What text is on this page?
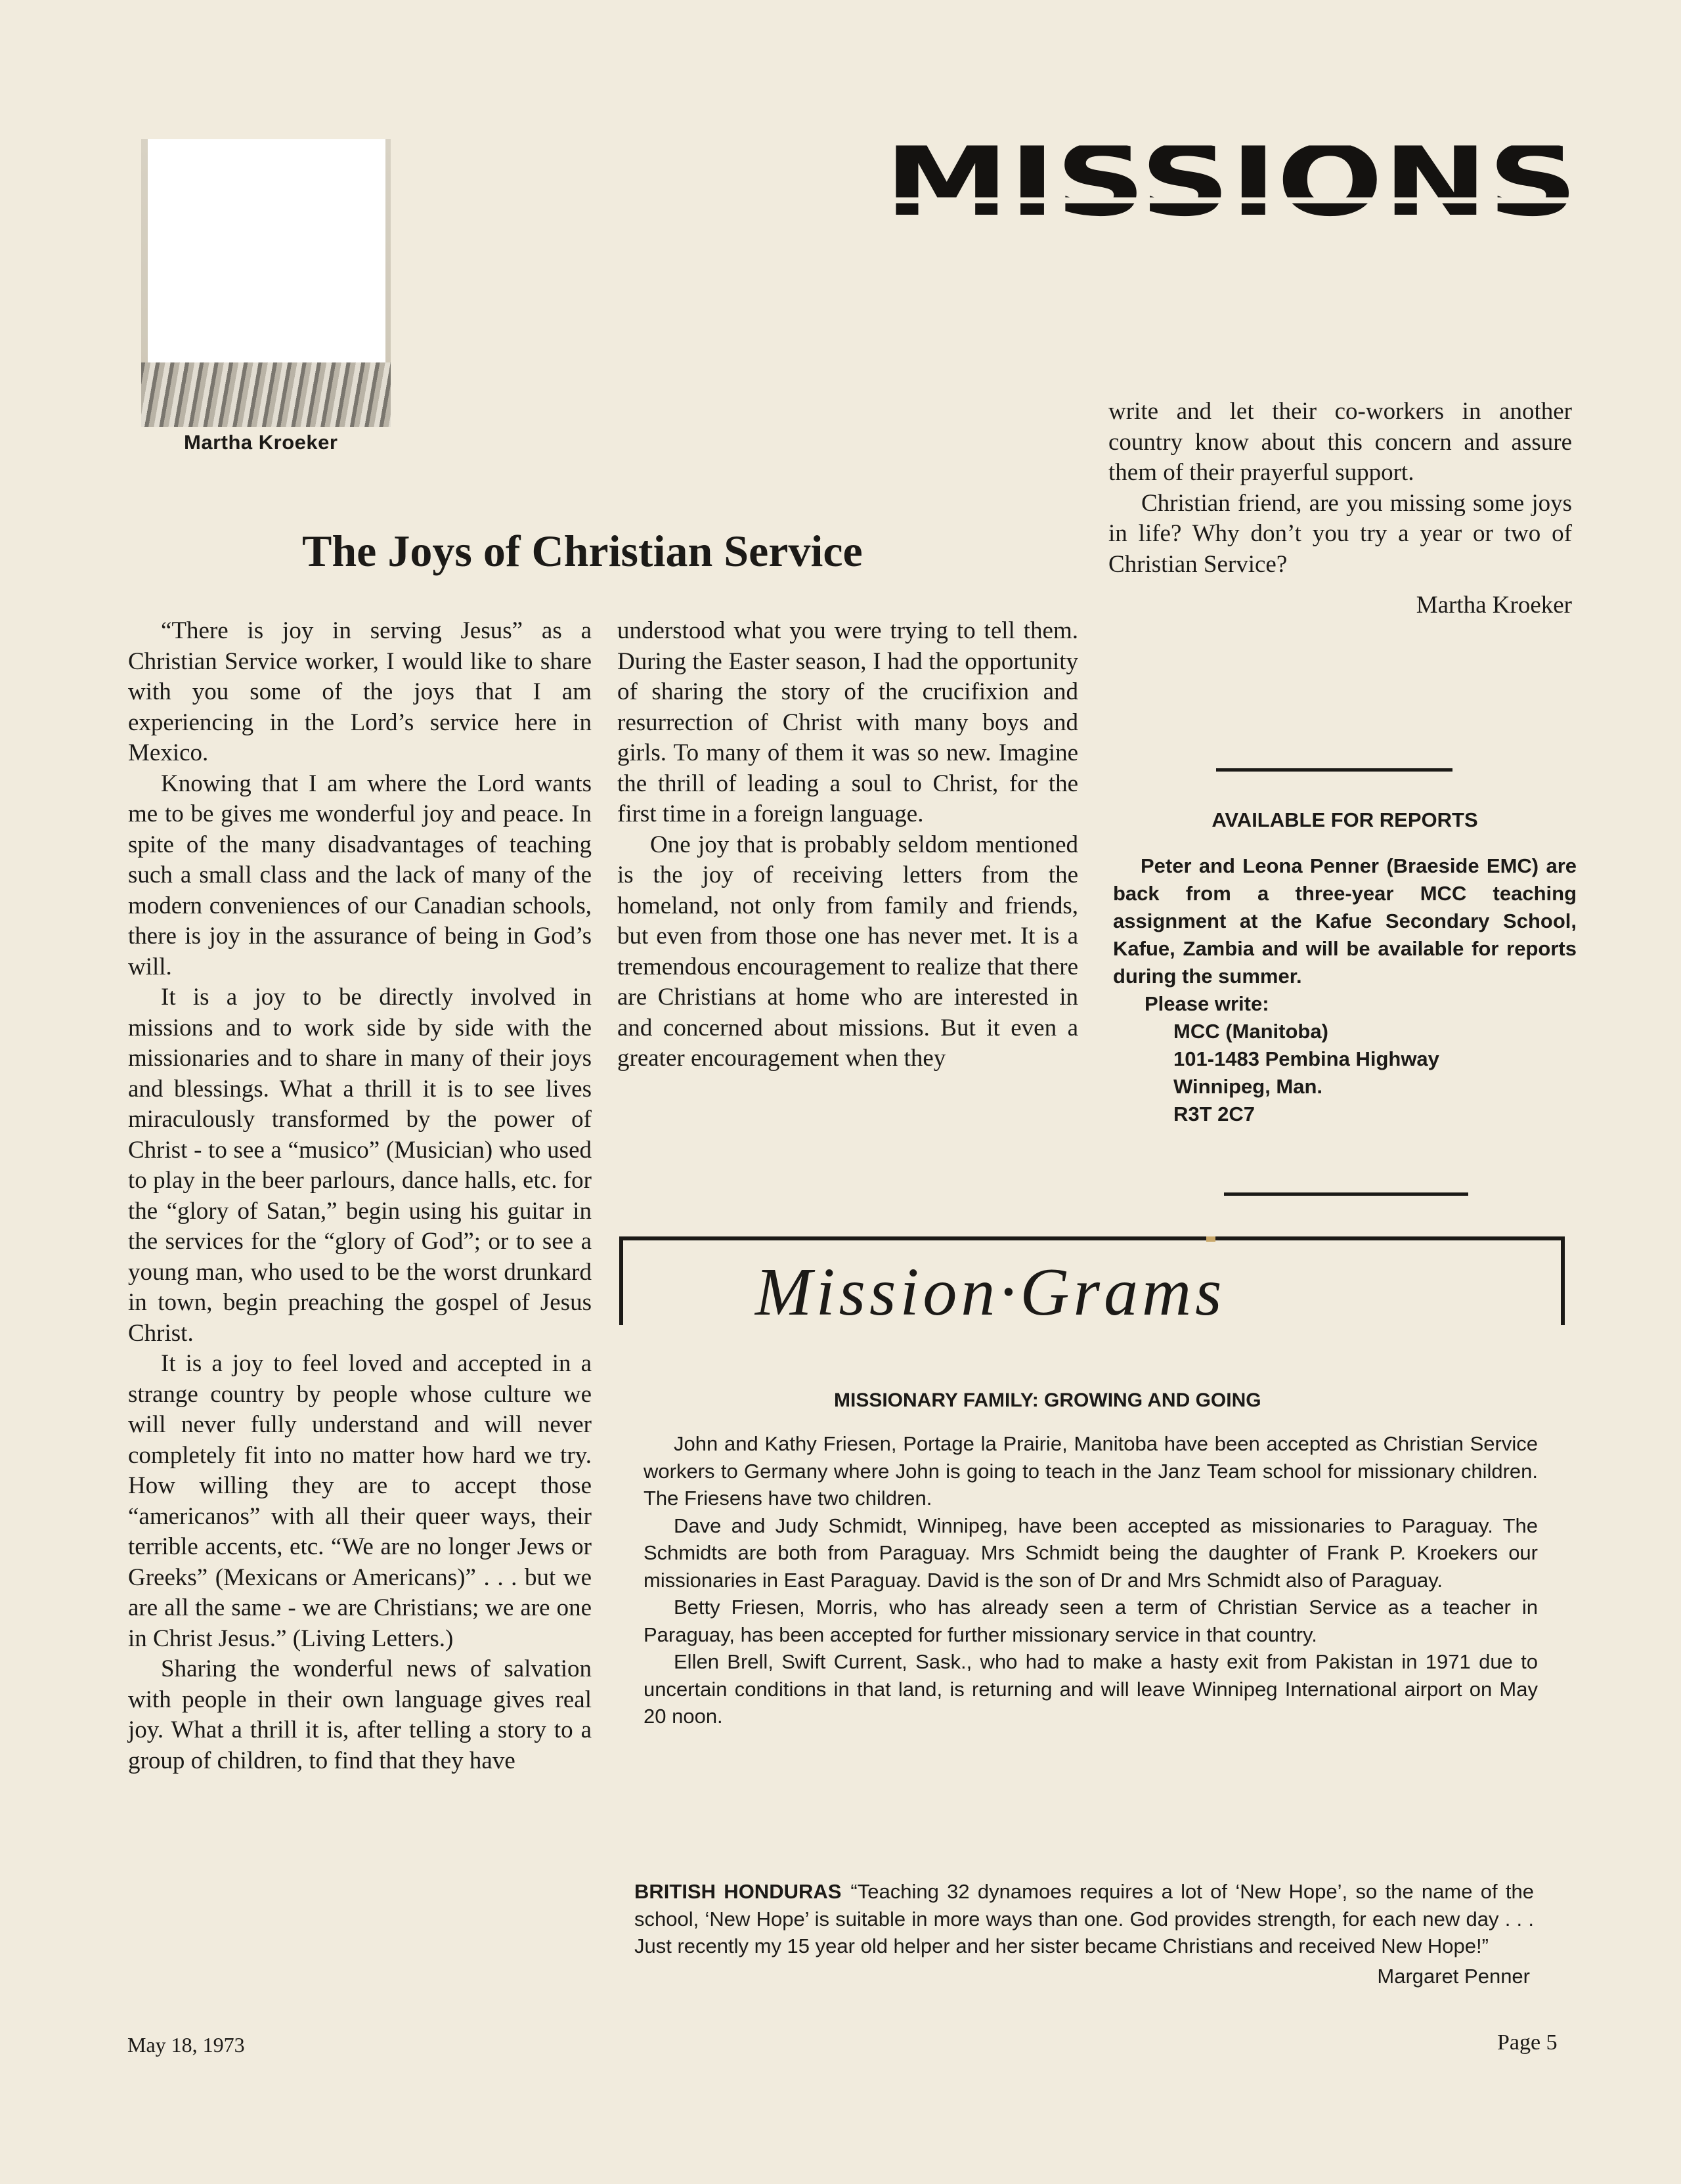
MISSIONS
Martha Kroeker
The Joys of Christian Service

“There is joy in serving Jesus” as a Christian Service worker, I would like to share with you some of the joys that I am experiencing in the Lord’s service here in Mexico.

Knowing that I am where the Lord wants me to be gives me wonderful joy and peace. In spite of the many disadvantages of teaching such a small class and the lack of many of the modern conveniences of our Canadian schools, there is joy in the assurance of being in God’s will.

It is a joy to be directly involved in missions and to work side by side with the missionaries and to share in many of their joys and blessings. What a thrill it is to see lives miraculously transformed by the power of Christ - to see a “musico” (Musician) who used to play in the beer parlours, dance halls, etc. for the “glory of Satan,” begin using his guitar in the services for the “glory of God”; or to see a young man, who used to be the worst drunkard in town, begin preaching the gospel of Jesus Christ.

It is a joy to feel loved and accepted in a strange country by people whose culture we will never fully understand and will never completely fit into no matter how hard we try. How willing they are to accept those “americanos” with all their queer ways, their terrible accents, etc. “We are no longer Jews or Greeks” (Mexicans or Americans)” . . . but we are all the same - we are Christians; we are one in Christ Jesus.” (Living Letters.)

Sharing the wonderful news of salvation with people in their own language gives real joy. What a thrill it is, after telling a story to a group of children, to find that they have

understood what you were trying to tell them. During the Easter season, I had the opportunity of sharing the story of the crucifixion and resurrection of Christ with many boys and girls. To many of them it was so new. Imagine the thrill of leading a soul to Christ, for the first time in a foreign language.

One joy that is probably seldom mentioned is the joy of receiving letters from the homeland, not only from family and friends, but even from those one has never met. It is a tremendous encouragement to realize that there are Christians at home who are interested in and concerned about missions. But it even a greater encouragement when they

write and let their co-workers in another country know about this concern and assure them of their prayerful support.

Christian friend, are you missing some joys in life? Why don’t you try a year or two of Christian Service?

Martha Kroeker

AVAILABLE FOR REPORTS

Peter and Leona Penner (Braeside EMC) are back from a three-year MCC teaching assignment at the Kafue Secondary School, Kafue, Zambia and will be available for reports during the summer.

Please write:

MCC (Manitoba)

101-1483 Pembina Highway

Winnipeg, Man.

R3T 2C7

Mission·Grams
MISSIONARY FAMILY: GROWING AND GOING

John and Kathy Friesen, Portage la Prairie, Manitoba have been accepted as Christian Service workers to Germany where John is going to teach in the Janz Team school for missionary children. The Friesens have two children.

Dave and Judy Schmidt, Winnipeg, have been accepted as missionaries to Paraguay. The Schmidts are both from Paraguay. Mrs Schmidt being the daughter of Frank P. Kroekers our missionaries in East Paraguay. David is the son of Dr and Mrs Schmidt also of Paraguay.

Betty Friesen, Morris, who has already seen a term of Christian Service as a teacher in Paraguay, has been accepted for further missionary service in that country.

Ellen Brell, Swift Current, Sask., who had to make a hasty exit from Pakistan in 1971 due to uncertain conditions in that land, is returning and will leave Winnipeg International airport on May 20 noon.

BRITISH HONDURAS “Teaching 32 dynamoes requires a lot of ‘New Hope’, so the name of the school, ‘New Hope’ is suitable in more ways than one. God provides strength, for each new day . . . Just recently my 15 year old helper and her sister became Christians and received New Hope!”

Margaret Penner

May 18, 1973	Page 5
